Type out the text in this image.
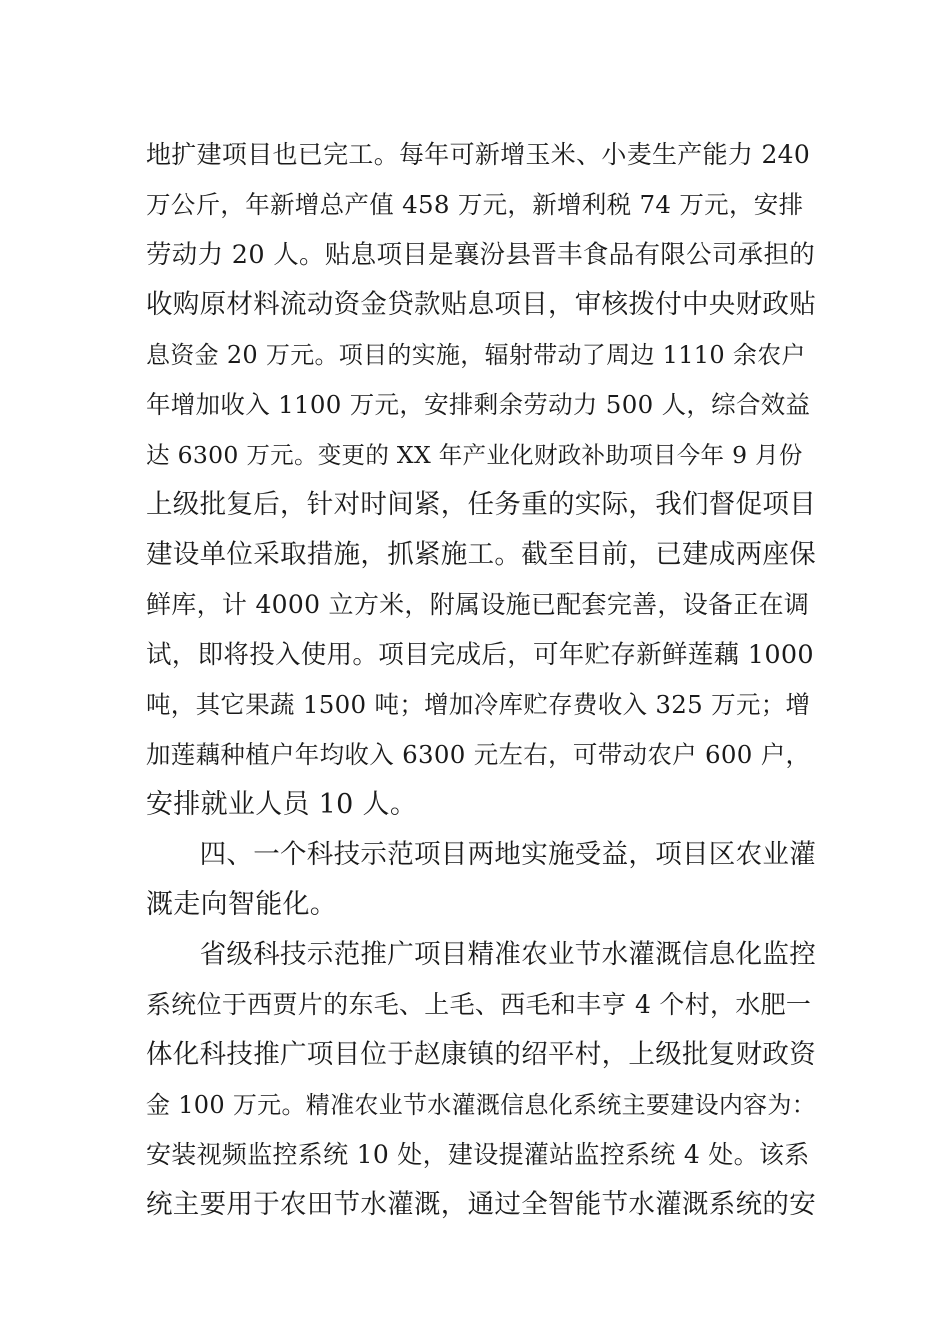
地扩建项目也已完工。每年可新增玉米、小麦生产能力 240
万公斤，年新增总产值 458 万元，新增利税 74 万元，安排
劳动力 20 人。贴息项目是襄汾县晋丰食品有限公司承担的
收购原材料流动资金贷款贴息项目，审核拨付中央财政贴
息资金 20 万元。项目的实施，辐射带动了周边 1110 余农户
年增加收入 1100 万元，安排剩余劳动力 500 人，综合效益
达 6300 万元。变更的 XX 年产业化财政补助项目今年 9 月份
上级批复后，针对时间紧，任务重的实际，我们督促项目
建设单位采取措施，抓紧施工。截至目前，已建成两座保
鲜库，计 4000 立方米，附属设施已配套完善，设备正在调
试，即将投入使用。项目完成后，可年贮存新鲜莲藕 1000
吨，其它果蔬 1500 吨；增加冷库贮存费收入 325 万元；增
加莲藕种植户年均收入 6300 元左右，可带动农户 600 户，
安排就业人员 10 人。
　　四、一个科技示范项目两地实施受益，项目区农业灌
溉走向智能化。
　　省级科技示范推广项目精准农业节水灌溉信息化监控
系统位于西贾片的东毛、上毛、西毛和丰亨 4 个村，水肥一
体化科技推广项目位于赵康镇的绍平村，上级批复财政资
金 100 万元。精准农业节水灌溉信息化系统主要建设内容为：
安装视频监控系统 10 处，建设提灌站监控系统 4 处。该系
统主要用于农田节水灌溉，通过全智能节水灌溉系统的安
